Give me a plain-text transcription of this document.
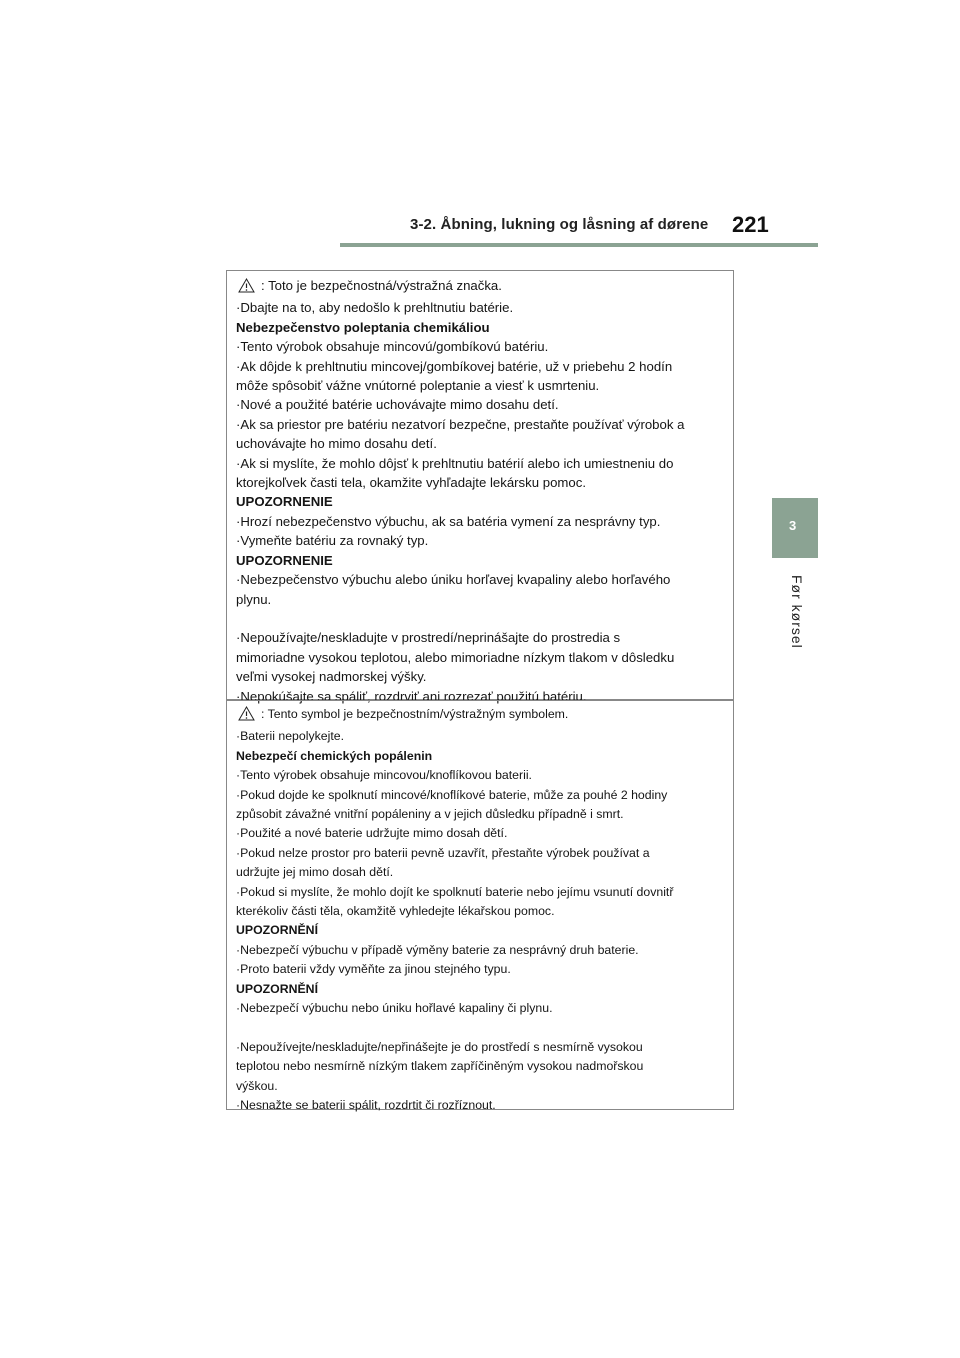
3-2. Åbning, lukning og låsning af dørene 221
3
Før kørsel
: Toto je bezpečnostná/výstražná značka.
·Dbajte na to, aby nedošlo k prehltnutiu batérie.
Nebezpečenstvo poleptania chemikáliou
·Tento výrobok obsahuje mincovú/gombíkovú batériu.
·Ak dôjde k prehltnutiu mincovej/gombíkovej batérie, už v priebehu 2 hodín
môže spôsobiť vážne vnútorné poleptanie a viesť k usmrteniu.
·Nové a použité batérie uchovávajte mimo dosahu detí.
·Ak sa priestor pre batériu nezatvorí bezpečne, prestaňte používať výrobok a
uchovávajte ho mimo dosahu detí.
·Ak si myslíte, že mohlo dôjsť k prehltnutiu batérií alebo ich umiestneniu do
ktorejkoľvek časti tela, okamžite vyhľadajte lekársku pomoc.
UPOZORNENIE
·Hrozí nebezpečenstvo výbuchu, ak sa batéria vymení za nesprávny typ.
·Vymeňte batériu za rovnaký typ.
UPOZORNENIE
·Nebezpečenstvo výbuchu alebo úniku horľavej kvapaliny alebo horľavého
plynu.
·Nepoužívajte/neskladujte v prostredí/neprinášajte do prostredia s
mimoriadne vysokou teplotou, alebo mimoriadne nízkym tlakom v dôsledku
veľmi vysokej nadmorskej výšky.
·Nepokúšajte sa spáliť, rozdrviť ani rozrezať použitú batériu.
: Tento symbol je bezpečnostním/výstražným symbolem.
·Baterii nepolykejte.
Nebezpečí chemických popálenin
·Tento výrobek obsahuje mincovou/knoflíkovou baterii.
·Pokud dojde ke spolknutí mincové/knoflíkové baterie, může za pouhé 2 hodiny
způsobit závažné vnitřní popáleniny a v jejich důsledku případně i smrt.
·Použité a nové baterie udržujte mimo dosah dětí.
·Pokud nelze prostor pro baterii pevně uzavřít, přestaňte výrobek používat a
udržujte jej mimo dosah dětí.
·Pokud si myslíte, že mohlo dojít ke spolknutí baterie nebo jejímu vsunutí dovnitř
kterékoliv části těla, okamžitě vyhledejte lékařskou pomoc.
UPOZORNĚNÍ
·Nebezpečí výbuchu v případě výměny baterie za nesprávný druh baterie.
·Proto baterii vždy vyměňte za jinou stejného typu.
UPOZORNĚNÍ
·Nebezpečí výbuchu nebo úniku hořlavé kapaliny či plynu.
·Nepoužívejte/neskladujte/nepřinášejte je do prostředí s nesmírně vysokou
teplotou nebo nesmírně nízkým tlakem zapříčiněným vysokou nadmořskou
výškou.
·Nesnažte se baterii spálit, rozdrtit či rozříznout.
